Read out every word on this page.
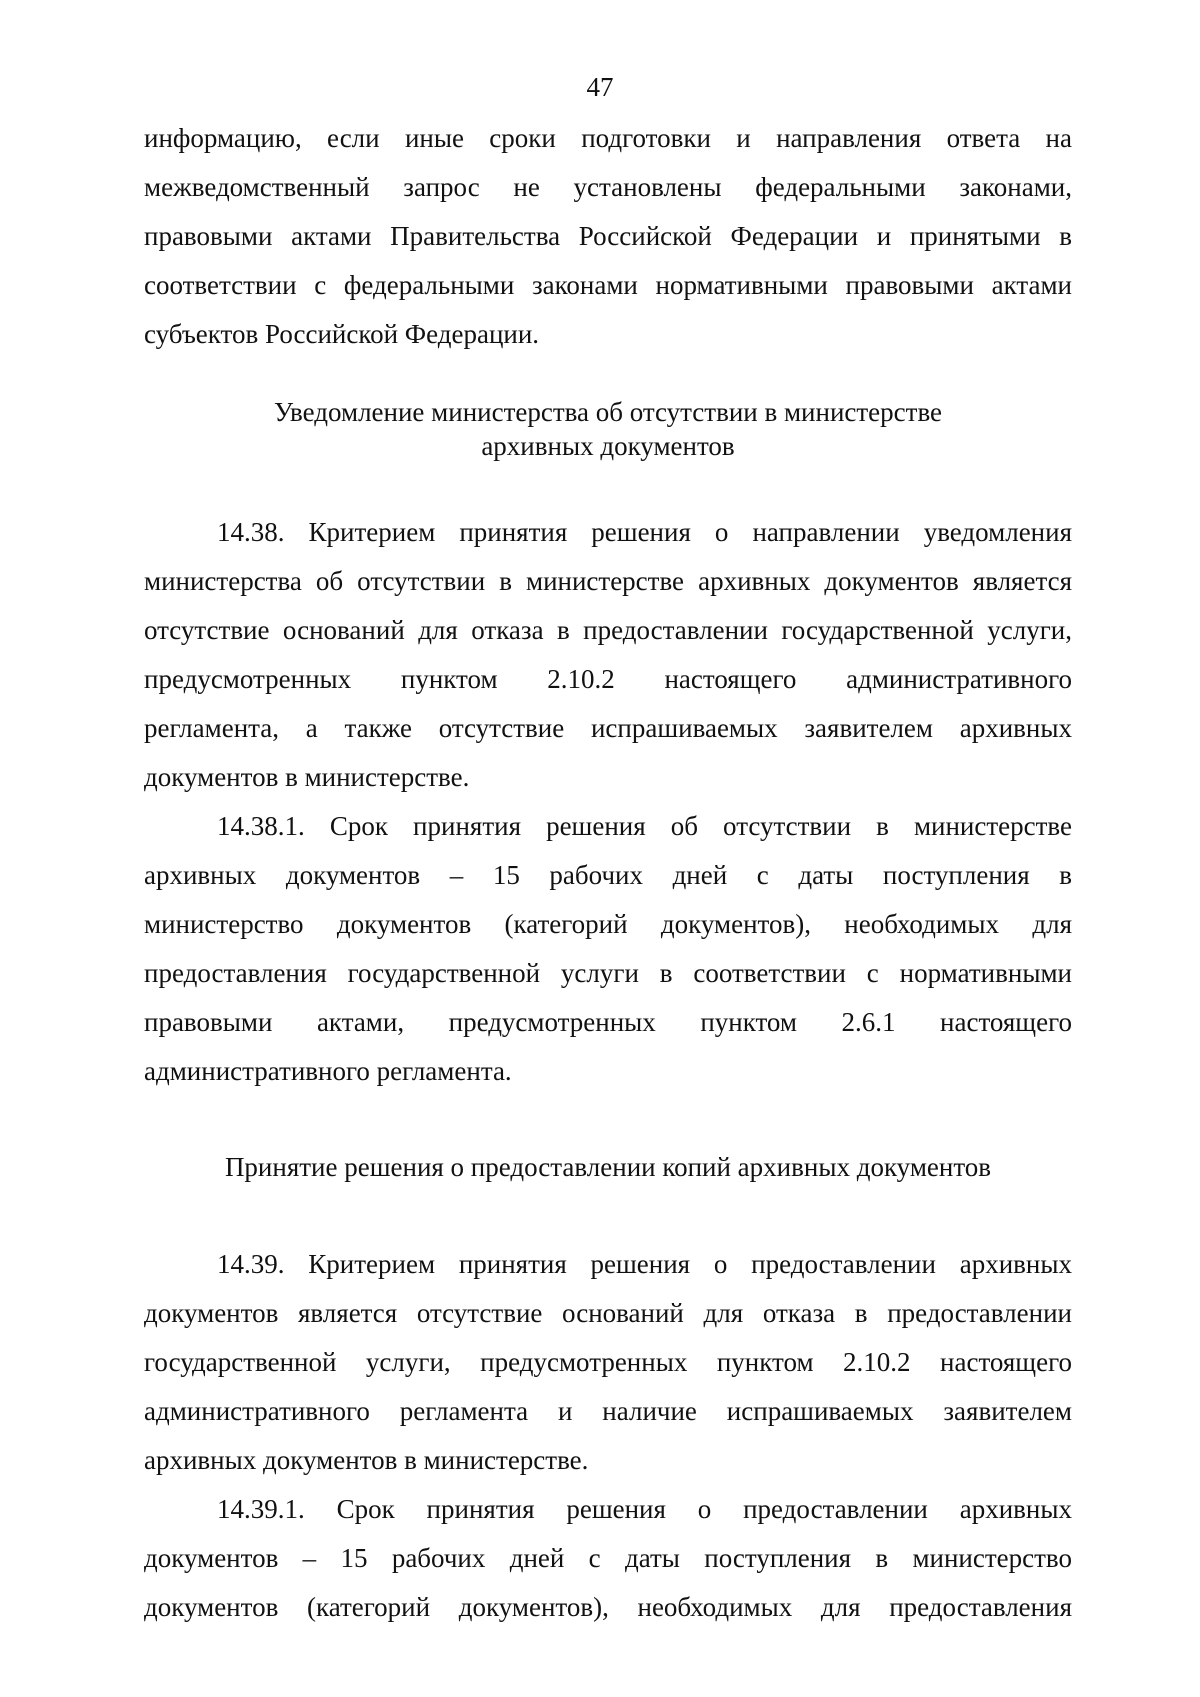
47
информацию, если иные сроки подготовки и направления ответа на
межведомственный запрос не установлены федеральными законами,
правовыми актами Правительства Российской Федерации и принятыми в
соответствии с федеральными законами нормативными правовыми актами
субъектов Российской Федерации.
Уведомление министерства об отсутствии в министерстве
архивных документов
14.38. Критерием принятия решения о направлении уведомления
министерства об отсутствии в министерстве архивных документов является
отсутствие оснований для отказа в предоставлении государственной услуги,
предусмотренных пунктом 2.10.2 настоящего административного
регламента, а также отсутствие испрашиваемых заявителем архивных
документов в министерстве.
14.38.1. Срок принятия решения об отсутствии в министерстве
архивных документов – 15 рабочих дней с даты поступления в
министерство документов (категорий документов), необходимых для
предоставления государственной услуги в соответствии с нормативными
правовыми актами, предусмотренных пунктом 2.6.1 настоящего
административного регламента.
Принятие решения о предоставлении копий архивных документов
14.39. Критерием принятия решения о предоставлении архивных
документов является отсутствие оснований для отказа в предоставлении
государственной услуги, предусмотренных пунктом 2.10.2 настоящего
административного регламента и наличие испрашиваемых заявителем
архивных документов в министерстве.
14.39.1. Срок принятия решения о предоставлении архивных
документов – 15 рабочих дней с даты поступления в министерство
документов (категорий документов), необходимых для предоставления
